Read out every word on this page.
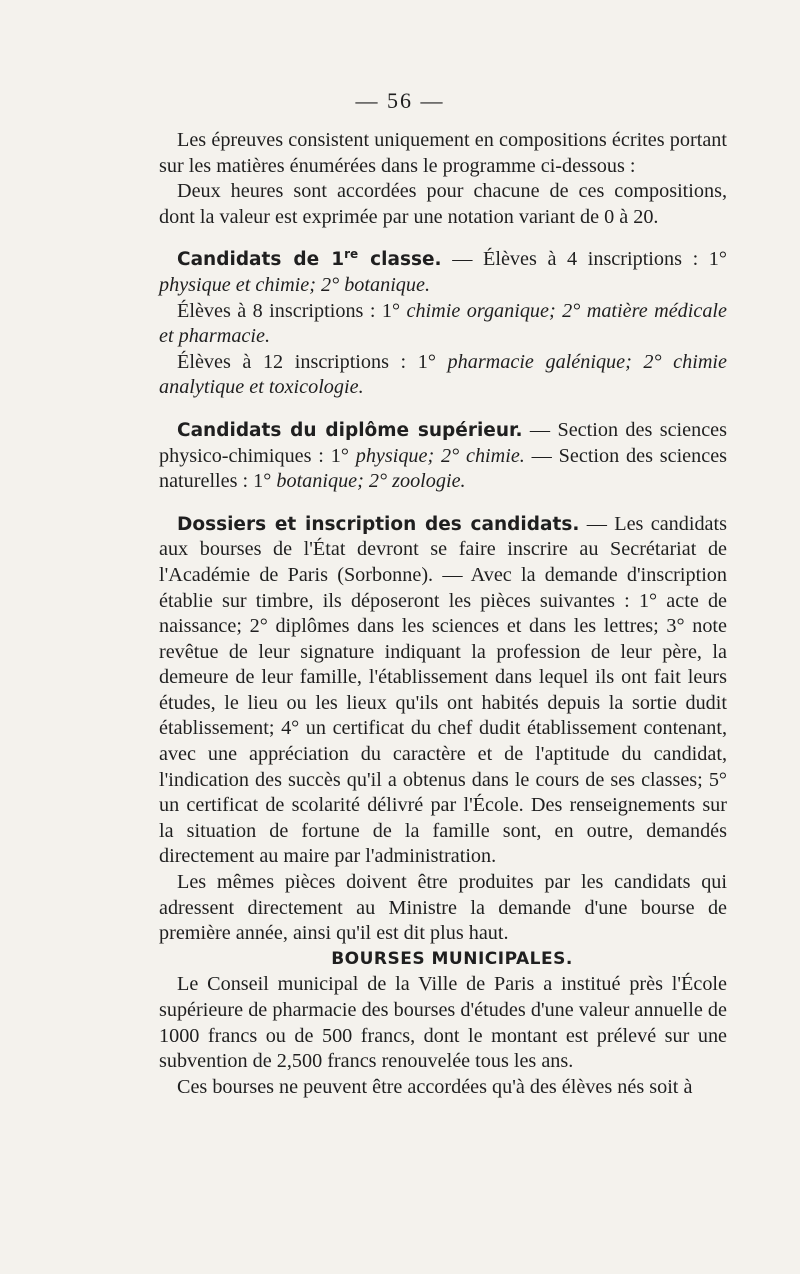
— 56 —

Les épreuves consistent uniquement en compositions écrites portant sur les matières énumérées dans le programme ci-dessous :

Deux heures sont accordées pour chacune de ces compositions, dont la valeur est exprimée par une notation variant de 0 à 20.

Candidats de 1re classe. — Élèves à 4 inscriptions : 1° physique et chimie; 2° botanique.

Élèves à 8 inscriptions : 1° chimie organique; 2° matière médicale et pharmacie.

Élèves à 12 inscriptions : 1° pharmacie galénique; 2° chimie analytique et toxicologie.

Candidats du diplôme supérieur. — Section des sciences physico-chimiques : 1° physique; 2° chimie. — Section des sciences naturelles : 1° botanique; 2° zoologie.

Dossiers et inscription des candidats. — Les candidats aux bourses de l'État devront se faire inscrire au Secrétariat de l'Académie de Paris (Sorbonne). — Avec la demande d'inscription établie sur timbre, ils déposeront les pièces suivantes : 1° acte de naissance; 2° diplômes dans les sciences et dans les lettres; 3° note revêtue de leur signature indiquant la profession de leur père, la demeure de leur famille, l'établissement dans lequel ils ont fait leurs études, le lieu ou les lieux qu'ils ont habités depuis la sortie dudit établissement; 4° un certificat du chef dudit établissement contenant, avec une appréciation du caractère et de l'aptitude du candidat, l'indication des succès qu'il a obtenus dans le cours de ses classes; 5° un certificat de scolarité délivré par l'École. Des renseignements sur la situation de fortune de la famille sont, en outre, demandés directement au maire par l'administration.

Les mêmes pièces doivent être produites par les candidats qui adressent directement au Ministre la demande d'une bourse de première année, ainsi qu'il est dit plus haut.

BOURSES MUNICIPALES.

Le Conseil municipal de la Ville de Paris a institué près l'École supérieure de pharmacie des bourses d'études d'une valeur annuelle de 1000 francs ou de 500 francs, dont le montant est prélevé sur une subvention de 2,500 francs renouvelée tous les ans.

Ces bourses ne peuvent être accordées qu'à des élèves nés soit à
